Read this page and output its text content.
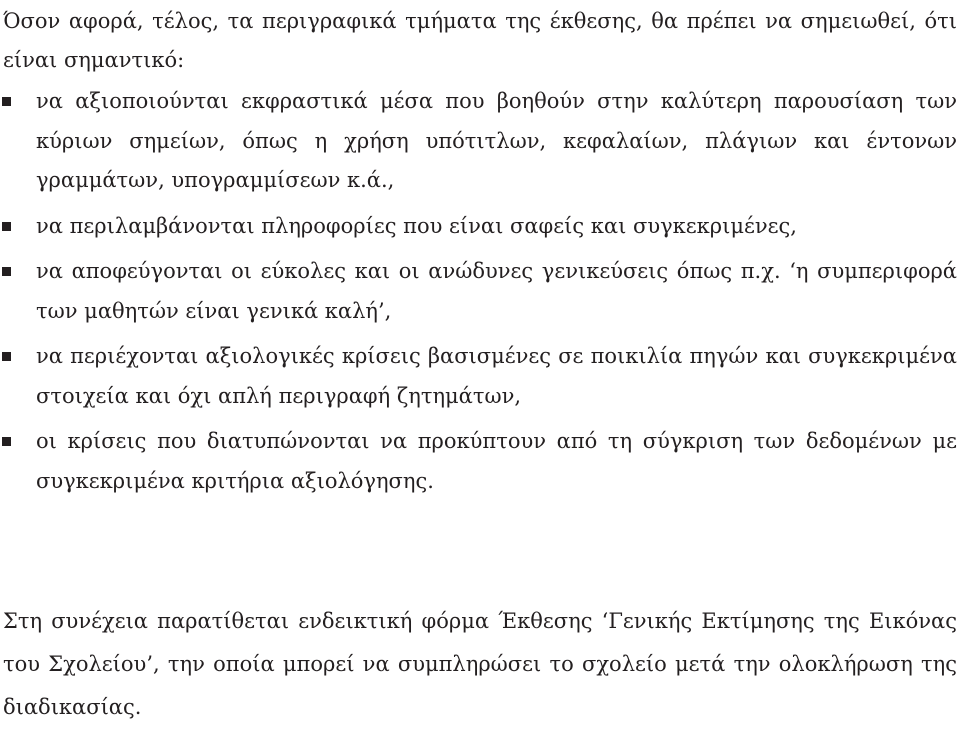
Όσον αφορά, τέλος, τα περιγραφικά τμήματα της έκθεσης, θα πρέπει να σημειωθεί, ότι είναι σημαντικό:

να αξιοποιούνται εκφραστικά μέσα που βοηθούν στην καλύτερη παρουσίαση των κύριων σημείων, όπως η χρήση υπότιτλων, κεφαλαίων, πλάγιων και έντονων γραμμάτων, υπογραμμίσεων κ.ά.,
να περιλαμβάνονται πληροφορίες που είναι σαφείς και συγκεκριμένες,
να αποφεύγονται οι εύκολες και οι ανώδυνες γενικεύσεις όπως π.χ. ‘η συμπεριφορά των μαθητών είναι γενικά καλή’,
να περιέχονται αξιολογικές κρίσεις βασισμένες σε ποικιλία πηγών και συγκεκριμένα στοιχεία και όχι απλή περιγραφή ζητημάτων,
οι κρίσεις που διατυπώνονται να προκύπτουν από τη σύγκριση των δεδομένων με συγκεκριμένα κριτήρια αξιολόγησης.

Στη συνέχεια παρατίθεται ενδεικτική φόρμα Έκθεσης ‘Γενικής Εκτίμησης της Εικόνας του Σχολείου’, την οποία μπορεί να συμπληρώσει το σχολείο μετά την ολοκλήρωση της διαδικασίας.
